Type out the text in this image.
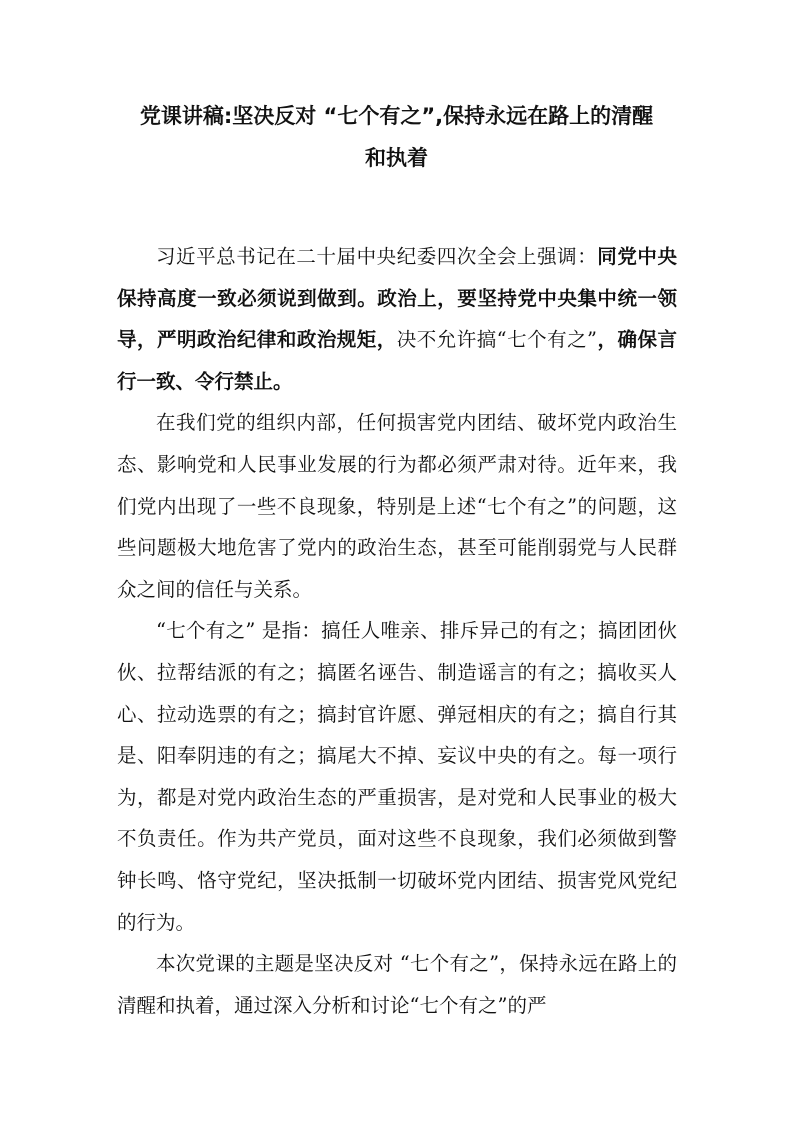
党课讲稿:坚决反对 “七个有之”,保持永远在路上的清醒
和执着

习近平总书记在二十届中央纪委四次全会上强调：同党中央保持高度一致必须说到做到。政治上，要坚持党中央集中统一领导，严明政治纪律和政治规矩，决不允许搞“七个有之”，确保言行一致、令行禁止。

在我们党的组织内部，任何损害党内团结、破坏党内政治生态、影响党和人民事业发展的行为都必须严肃对待。近年来，我们党内出现了一些不良现象，特别是上述“七个有之”的问题，这些问题极大地危害了党内的政治生态，甚至可能削弱党与人民群众之间的信任与关系。

“七个有之” 是指：搞任人唯亲、排斥异己的有之；搞团团伙伙、拉帮结派的有之；搞匿名诬告、制造谣言的有之；搞收买人心、拉动选票的有之；搞封官许愿、弹冠相庆的有之；搞自行其是、阳奉阴违的有之；搞尾大不掉、妄议中央的有之。每一项行为，都是对党内政治生态的严重损害，是对党和人民事业的极大不负责任。作为共产党员，面对这些不良现象，我们必须做到警钟长鸣、恪守党纪，坚决抵制一切破坏党内团结、损害党风党纪的行为。

本次党课的主题是坚决反对 “七个有之”，保持永远在路上的清醒和执着，通过深入分析和讨论“七个有之”的严
